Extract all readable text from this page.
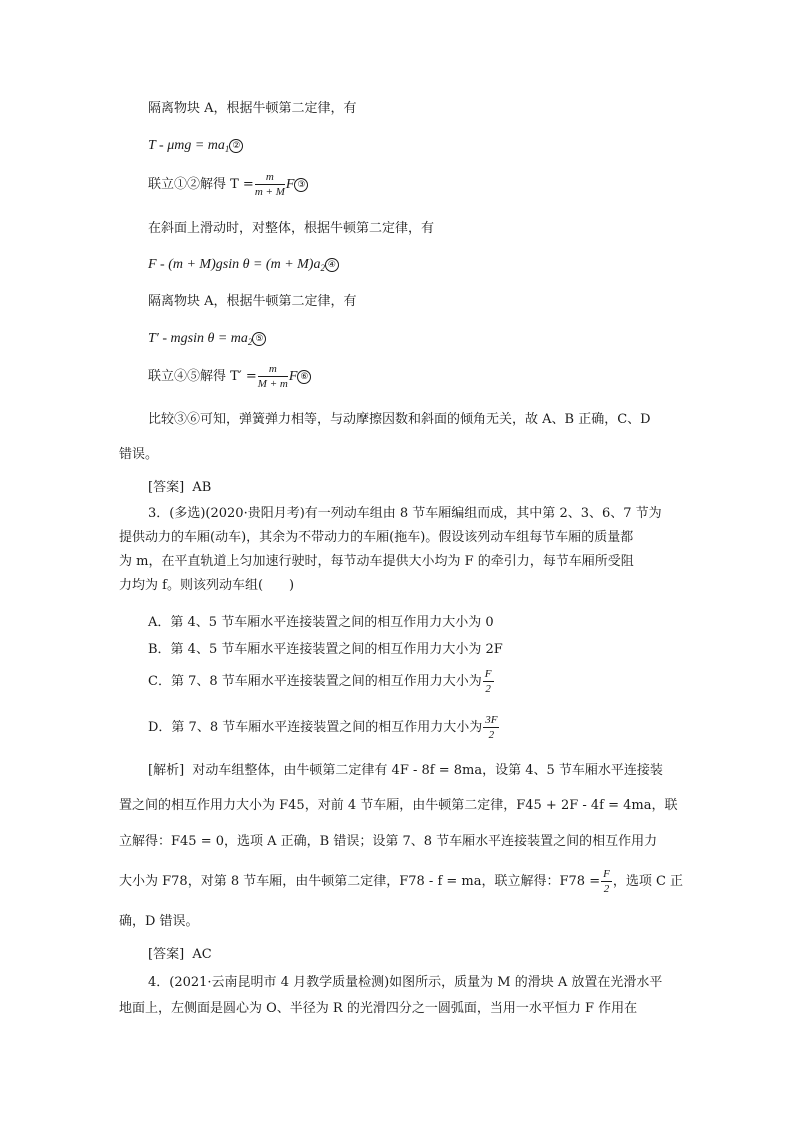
隔离物块 A，根据牛顿第二定律，有
$T - \mu mg = ma_1$ ②
联立①②解得 $T = \frac{m}{m + M}$ F ③
在斜面上滑动时，对整体，根据牛顿第二定律，有
F - (m + M)gsin $\theta = (m + M)a_2$ ④
隔离物块 A，根据牛顿第二定律，有
T′ - mgsin $\theta = ma_2$ ⑤
联立④⑤解得 $T' = \frac{m}{M + m}$ F ⑥
比较③⑥可知，弹簧弹力相等，与动摩擦因数和斜面的倾角无关，故 A、B 正确，C、D
错误。
[答案] AB
3．(多选)(2020·贵阳月考)有一列动车组由 8 节车厢编组而成，其中第 2、3、6、7 节为
提供动力的车厢(动车)，其余为不带动力的车厢(拖车)。假设该列动车组每节车厢的质量都
为 m，在平直轨道上匀加速行驶时，每节动车提供大小均为 F 的牵引力，每节车厢所受阻
力均为 f。则该列动车组(　　)
A．第 4、5 节车厢水平连接装置之间的相互作用力大小为 0
B．第 4、5 节车厢水平连接装置之间的相互作用力大小为 2F
C．第 7、8 节车厢水平连接装置之间的相互作用力大小为 $\frac{F}{2}$
D．第 7、8 节车厢水平连接装置之间的相互作用力大小为 $\frac{3F}{2}$
[解析] 对动车组整体，由牛顿第二定律有 4F - 8f = 8ma，设第 4、5 节车厢水平连接装
置之间的相互作用力大小为 F45，对前 4 节车厢，由牛顿第二定律，F45 + 2F - 4f = 4ma，联
立解得：F45 = 0，选项 A 正确，B 错误；设第 7、8 节车厢水平连接装置之间的相互作用力
大小为 F78，对第 8 节车厢，由牛顿第二定律，F78 - f = ma，联立解得：$F78 = \frac{F}{2}$ ，选项 C 正
确，D 错误。
[答案] AC
4．(2021·云南昆明市 4 月教学质量检测)如图所示，质量为 M 的滑块 A 放置在光滑水平
地面上，左侧面是圆心为 O、半径为 R 的光滑四分之一圆弧面，当用一水平恒力 F 作用在
